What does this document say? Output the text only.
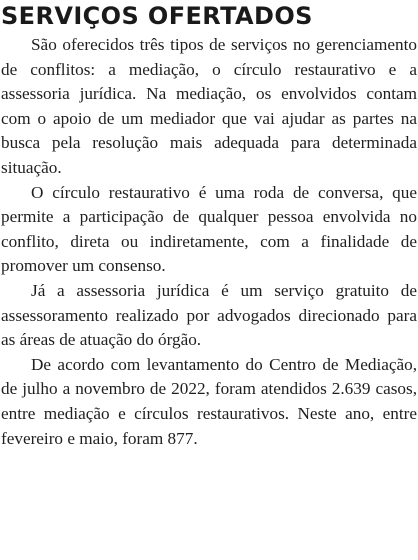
SERVIÇOS OFERTADOS

São oferecidos três tipos de serviços no gerenciamento de conflitos: a mediação, o círculo restaurativo e a assessoria jurídica. Na mediação, os envolvidos contam com o apoio de um mediador que vai ajudar as partes na busca pela resolução mais adequada para determinada situação.

O círculo restaurativo é uma roda de conversa, que permite a participação de qualquer pessoa envolvida no conflito, direta ou indiretamente, com a finalidade de promover um consenso.

Já a assessoria jurídica é um serviço gratuito de assessoramento realizado por advogados direcionado para as áreas de atuação do órgão.

De acordo com levantamento do Centro de Mediação, de julho a novembro de 2022, foram atendidos 2.639 casos, entre mediação e círculos restaurativos. Neste ano, entre fevereiro e maio, foram 877.
